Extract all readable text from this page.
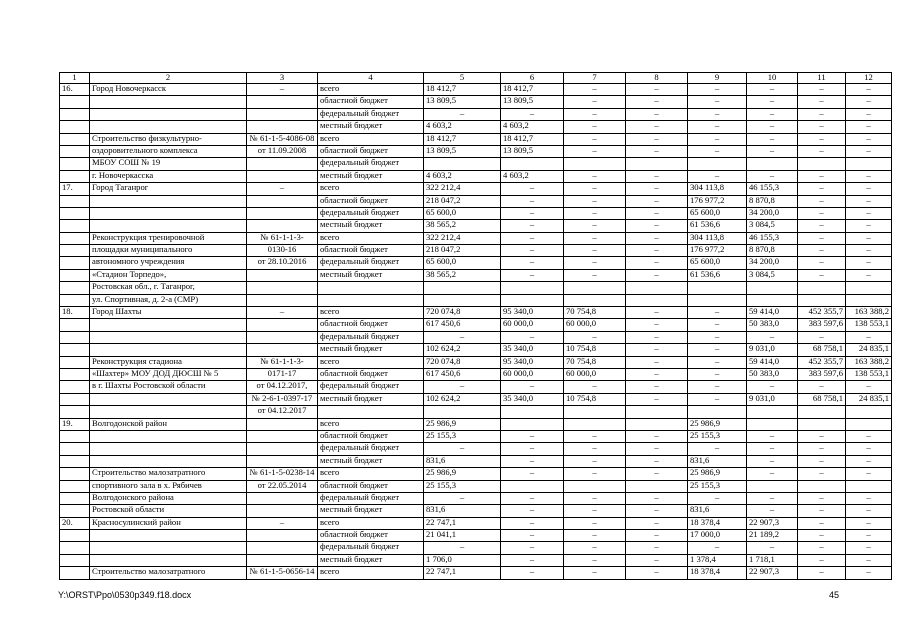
1	2	3	4	5	6	7	8	9	10	11	12
16.	Город Новочеркасск	–	всего	18 412,7	18 412,7	–	–	–	–	–	–
			областной бюджет	13 809,5	13 809,5	–	–	–	–	–	–
			федеральный бюджет	–	–	–	–	–	–	–	–
			местный бюджет	4 603,2	4 603,2	–	–	–	–	–	–
	Строительство физкультурно-	№ 61-1-5-4086-08	всего	18 412,7	18 412,7	–	–	–	–	–	–
	оздоровительного комплекса	от 11.09.2008	областной бюджет	13 809,5	13 809,5	–	–	–	–	–	–
	МБОУ СОШ № 19		федеральный бюджет								
	г. Новочеркасска		местный бюджет	4 603,2	4 603,2	–	–	–	–	–	–
17.	Город Таганрог	–	всего	322 212,4	–	–	–	304 113,8	46 155,3	–	–
			областной бюджет	218 047,2	–	–	–	176 977,2	8 870,8	–	–
			федеральный бюджет	65 600,0	–	–	–	65 600,0	34 200,0	–	–
			местный бюджет	38 565,2	–	–	–	61 536,6	3 084,5	–	–
	Реконструкция тренировочной	№ 61-1-1-3-	всего	322 212,4	–	–	–	304 113,8	46 155,3	–	–
	площадки муниципального	0130-16	областной бюджет	218 047,2	–	–	–	176 977,2	8 870,8	–	–
	автономного учреждения	от 28.10.2016	федеральный бюджет	65 600,0	–	–	–	65 600,0	34 200,0	–	–
	«Стадион Торпедо»,		местный бюджет	38 565,2	–	–	–	61 536,6	3 084,5	–	–
	Ростовская обл., г. Таганрог,										
	ул. Спортивная, д. 2-а (СМР)										
18.	Город Шахты	–	всего	720 074,8	95 340,0	70 754,8	–	–	59 414,0	452 355,7	163 388,2
			областной бюджет	617 450,6	60 000,0	60 000,0	–	–	50 383,0	383 597,6	138 553,1
			федеральный бюджет	–	–	–	–	–	–	–	–
			местный бюджет	102 624,2	35 340,0	10 754,8	–	–	9 031,0	68 758,1	24 835,1
	Реконструкция стадиона	№ 61-1-1-3-	всего	720 074,8	95 340,0	70 754,8	–	–	59 414,0	452 355,7	163 388,2
	«Шахтер» МОУ ДОД ДЮСШ № 5	0171-17	областной бюджет	617 450,6	60 000,0	60 000,0	–	–	50 383,0	383 597,6	138 553,1
	в г. Шахты Ростовской области	от 04.12.2017,	федеральный бюджет	–	–	–	–	–	–	–	–
		№ 2-6-1-0397-17	местный бюджет	102 624,2	35 340,0	10 754,8	–	–	9 031,0	68 758,1	24 835,1
		от 04.12.2017									
19.	Волгодонской район		всего	25 986,9				25 986,9			
			областной бюджет	25 155,3	–	–	–	25 155,3	–	–	–
			федеральный бюджет	–	–	–	–	–	–	–	–
			местный бюджет	831,6	–	–	–	831,6	–	–	–
	Строительство малозатратного	№ 61-1-5-0238-14	всего	25 986,9	–	–	–	25 986,9	–	–	–
	спортивного зала в х. Рябичев	от 22.05.2014	областной бюджет	25 155,3				25 155,3			
	Волгодонского района		федеральный бюджет	–	–	–	–	–	–	–	–
	Ростовской области		местный бюджет	831,6	–	–	–	831,6	–	–	–
20.	Красносулинский район	–	всего	22 747,1	–	–	–	18 378,4	22 907,3	–	–
			областной бюджет	21 041,1	–	–	–	17 000,0	21 189,2	–	–
			федеральный бюджет	–	–	–	–	–	–	–	–
			местный бюджет	1 706,0	–	–	–	1 378,4	1 718,1	–	–
	Строительство малозатратного	№ 61-1-5-0656-14	всего	22 747,1	–	–	–	18 378,4	22 907,3	–	–
Y:\ORST\Ppo\0530p349.f18.docx	45
